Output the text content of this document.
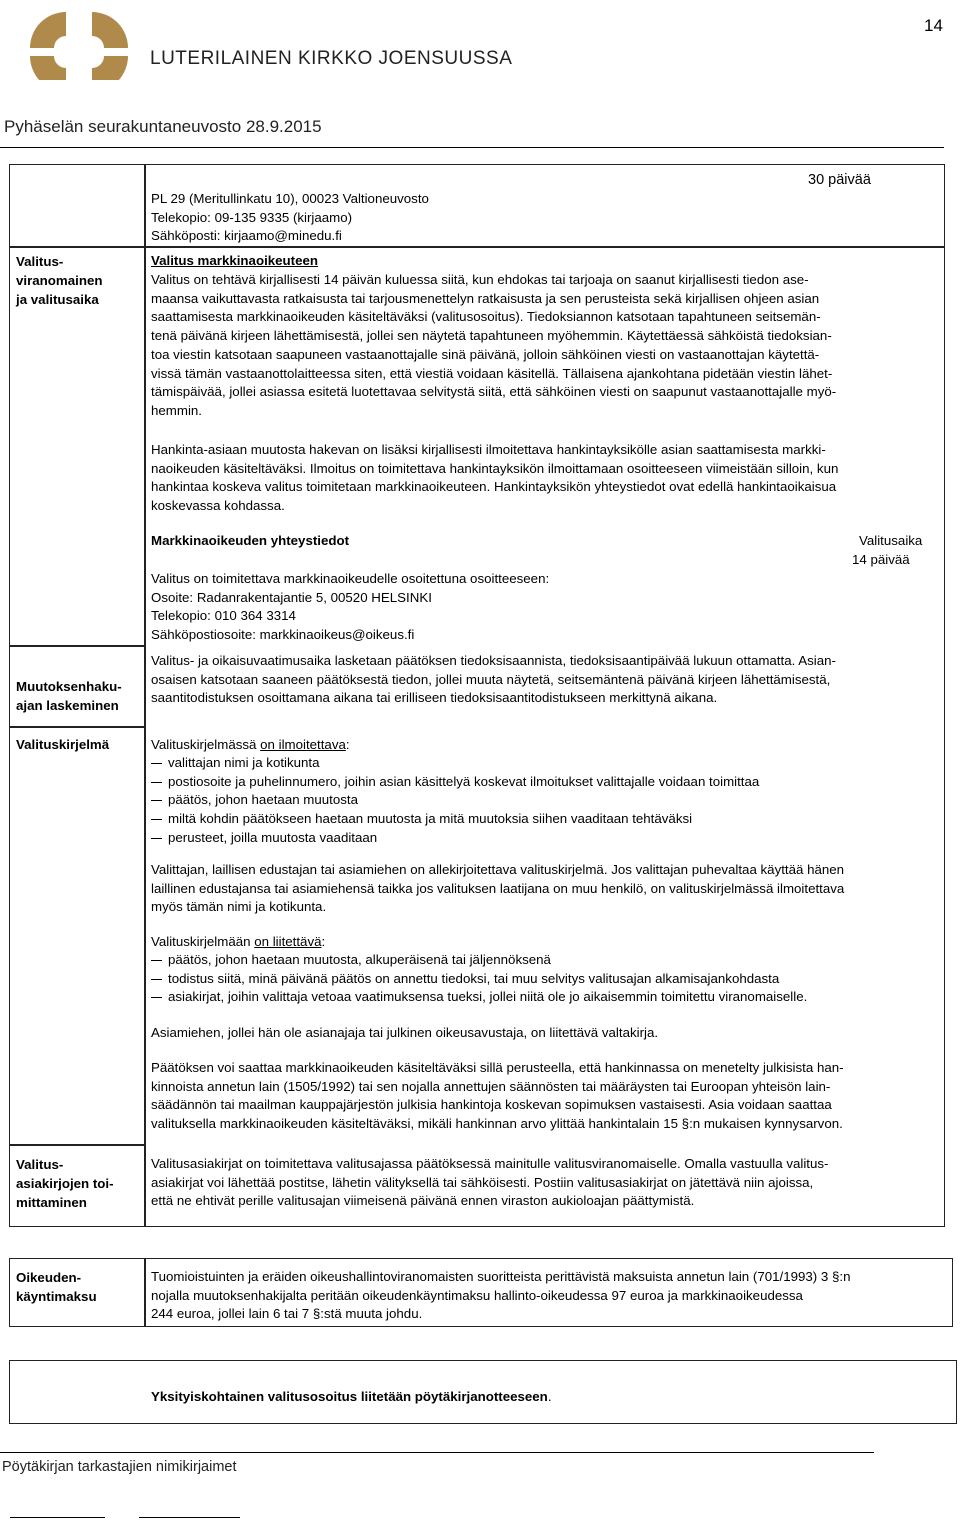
LUTERILAINEN KIRKKO JOENSUUSSA
14
Pyhäselän seurakuntaneuvosto 28.9.2015
PL 29 (Meritullinkatu 10), 00023 Valtioneuvosto
Telekopio: 09-135 9335 (kirjaamo)
Sähköposti: kirjaamo@minedu.fi
30 päivää
Valitus-
viranomainen
ja valitusaika
Valitus markkinaoikeuteen
Valitus on tehtävä kirjallisesti 14 päivän kuluessa siitä, kun ehdokas tai tarjoaja on saanut kirjallisesti tiedon ase-
maansa vaikuttavasta ratkaisusta tai tarjousmenettelyn ratkaisusta ja sen perusteista sekä kirjallisen ohjeen asian
saattamisesta markkinaoikeuden käsiteltäväksi (valitusosoitus). Tiedoksiannon katsotaan tapahtuneen seitsemän-
tenä päivänä kirjeen lähettämisestä, jollei sen näytetä tapahtuneen myöhemmin. Käytettäessä sähköistä tiedoksian-
toa viestin katsotaan saapuneen vastaanottajalle sinä päivänä, jolloin sähköinen viesti on vastaanottajan käytettä-
vissä tämän vastaanottolaitteessa siten, että viestiä voidaan käsitellä. Tällaisena ajankohtana pidetään viestin lähet-
tämispäivää, jollei asiassa esitetä luotettavaa selvitystä siitä, että sähköinen viesti on saapunut vastaanottajalle myö-
hemmin.
Hankinta-asiaan muutosta hakevan on lisäksi kirjallisesti ilmoitettava hankintayksikölle asian saattamisesta markki-
naoikeuden käsiteltäväksi. Ilmoitus on toimitettava hankintayksikön ilmoittamaan osoitteeseen viimeistään silloin, kun
hankintaa koskeva valitus toimitetaan markkinaoikeuteen. Hankintayksikön yhteystiedot ovat edellä hankintaoikaisua
koskevassa kohdassa.
Markkinaoikeuden yhteystiedot	Valitusaika
14 päivää
Valitus on toimitettava markkinaoikeudelle osoitettuna osoitteeseen:
Osoite: Radanrakentajantie 5, 00520 HELSINKI
Telekopio: 010 364 3314
Sähköpostiosoite: markkinaoikeus@oikeus.fi
Muutoksenhaku-
ajan laskeminen
Valitus- ja oikaisuvaatimusaika lasketaan päätöksen tiedoksisaannista, tiedoksisaantipäivää lukuun ottamatta. Asian-
osaisen katsotaan saaneen päätöksestä tiedon, jollei muuta näytetä, seitsemäntenä päivänä kirjeen lähettämisestä,
saantitodistuksen osoittamana aikana tai erilliseen tiedoksisaantitodistukseen merkittynä aikana.
Valituskirjelmä	Valituskirjelmässä on ilmoitettava:
valittajan nimi ja kotikunta
postiosoite ja puhelinnumero, joihin asian käsittelyä koskevat ilmoitukset valittajalle voidaan toimittaa
päätös, johon haetaan muutosta
miltä kohdin päätökseen haetaan muutosta ja mitä muutoksia siihen vaaditaan tehtäväksi
perusteet, joilla muutosta vaaditaan
Valittajan, laillisen edustajan tai asiamiehen on allekirjoitettava valituskirjelmä. Jos valittajan puhevaltaa käyttää hänen
laillinen edustajansa tai asiamiehensä taikka jos valituksen laatijana on muu henkilö, on valituskirjelmässä ilmoitettava
myös tämän nimi ja kotikunta.
Valituskirjelmään on liitettävä:
päätös, johon haetaan muutosta, alkuperäisenä tai jäljennöksenä
todistus siitä, minä päivänä päätös on annettu tiedoksi, tai muu selvitys valitusajan alkamisajankohdasta
asiakirjat, joihin valittaja vetoaa vaatimuksensa tueksi, jollei niitä ole jo aikaisemmin toimitettu viranomaiselle.
Asiamiehen, jollei hän ole asianajaja tai julkinen oikeusavustaja, on liitettävä valtakirja.
Päätöksen voi saattaa markkinaoikeuden käsiteltäväksi sillä perusteella, että hankinnassa on menetelty julkisista han-
kinnoista annetun lain (1505/1992) tai sen nojalla annettujen säännösten tai määräysten tai Euroopan yhteisön lain-
säädännön tai maailman kauppajärjestön julkisia hankintoja koskevan sopimuksen vastaisesti. Asia voidaan saattaa
valituksella markkinaoikeuden käsiteltäväksi, mikäli hankinnan arvo ylittää hankintalain 15 §:n mukaisen kynnysarvon.
Valitus-
asiakirjojen toi-
mittaminen
Valitusasiakirjat on toimitettava valitusajassa päätöksessä mainitulle valitusviranomaiselle. Omalla vastuulla valitus-
asiakirjat voi lähettää postitse, lähetin välityksellä tai sähköisesti. Postiin valitusasiakirjat on jätettävä niin ajoissa,
että ne ehtivät perille valitusajan viimeisenä päivänä ennen viraston aukioloajan päättymistä.
Oikeuden-
käyntimaksu
Tuomioistuinten ja eräiden oikeushallintoviranomaisten suoritteista perittävistä maksuista annetun lain (701/1993) 3 §:n
nojalla muutoksenhakijalta peritään oikeudenkäyntimaksu hallinto-oikeudessa 97 euroa ja markkinaoikeudessa
244 euroa, jollei lain 6 tai 7 §:stä muuta johdu.
Yksityiskohtainen valitusosoitus liitetään pöytäkirjanotteeseen.
Pöytäkirjan tarkastajien nimikirjaimet
